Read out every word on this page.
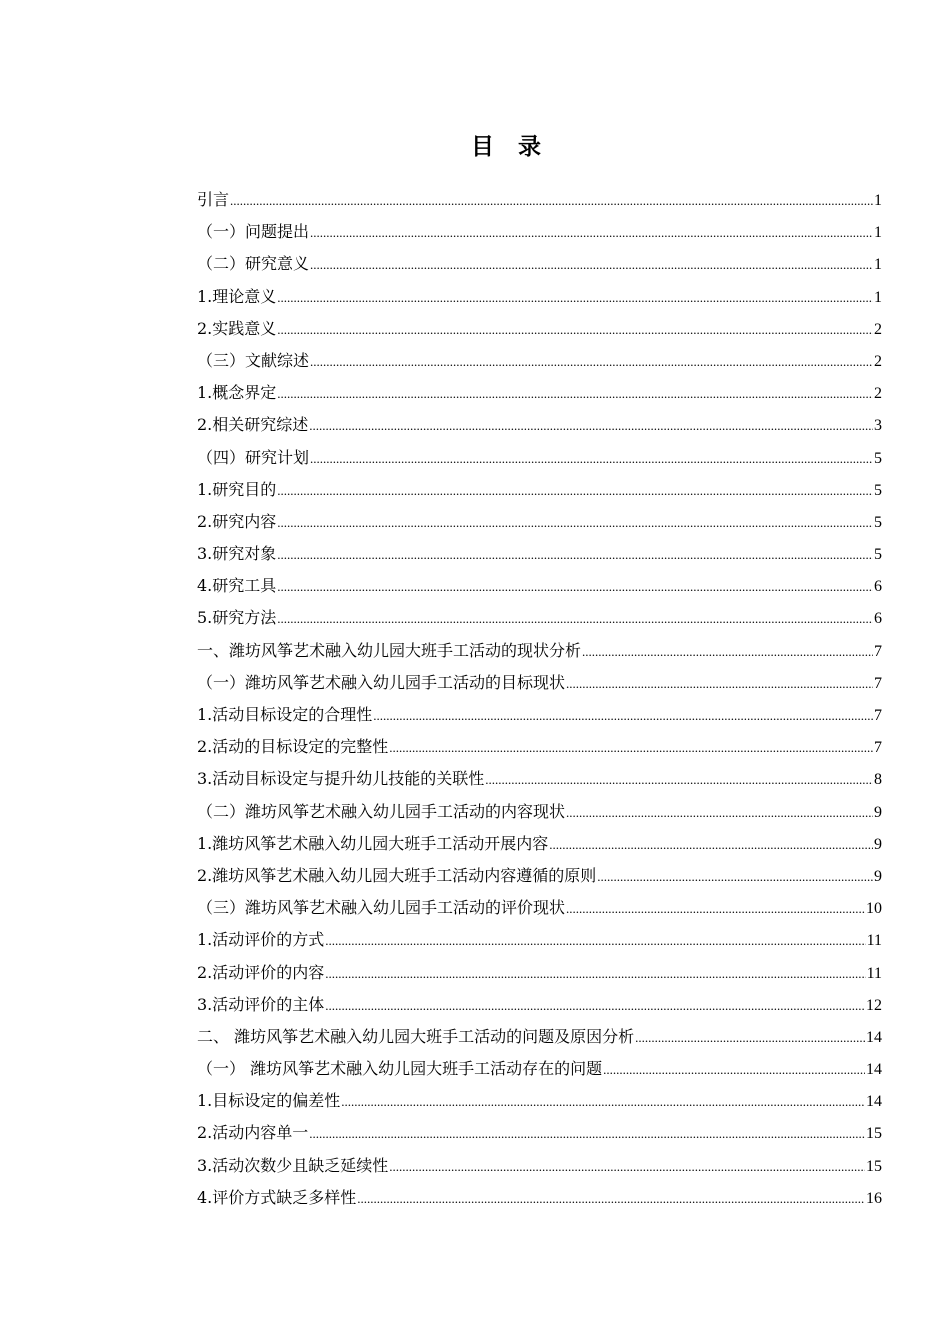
目 录
引言 .....	1
（一）问题提出 .....	1
（二）研究意义 .....	1
1.理论意义 .....	1
2.实践意义 .....	2
（三）文献综述 .....	2
1.概念界定 .....	2
2.相关研究综述 .....	3
（四）研究计划 .....	5
1.研究目的 .....	5
2.研究内容 .....	5
3.研究对象 .....	5
4.研究工具 .....	6
5.研究方法 .....	6
一、潍坊风筝艺术融入幼儿园大班手工活动的现状分析 .....	7
（一）潍坊风筝艺术融入幼儿园手工活动的目标现状 .....	7
1.活动目标设定的合理性 .....	7
2.活动的目标设定的完整性 .....	7
3.活动目标设定与提升幼儿技能的关联性 .....	8
（二）潍坊风筝艺术融入幼儿园手工活动的内容现状 .....	9
1.潍坊风筝艺术融入幼儿园大班手工活动开展内容 .....	9
2.潍坊风筝艺术融入幼儿园大班手工活动内容遵循的原则 .....	9
（三）潍坊风筝艺术融入幼儿园手工活动的评价现状 .....	10
1.活动评价的方式 .....	11
2.活动评价的内容 .....	11
3.活动评价的主体 .....	12
二、 潍坊风筝艺术融入幼儿园大班手工活动的问题及原因分析 .....	14
（一） 潍坊风筝艺术融入幼儿园大班手工活动存在的问题 .....	14
1.目标设定的偏差性 .....	14
2.活动内容单一 .....	15
3.活动次数少且缺乏延续性 .....	15
4.评价方式缺乏多样性 .....	16
